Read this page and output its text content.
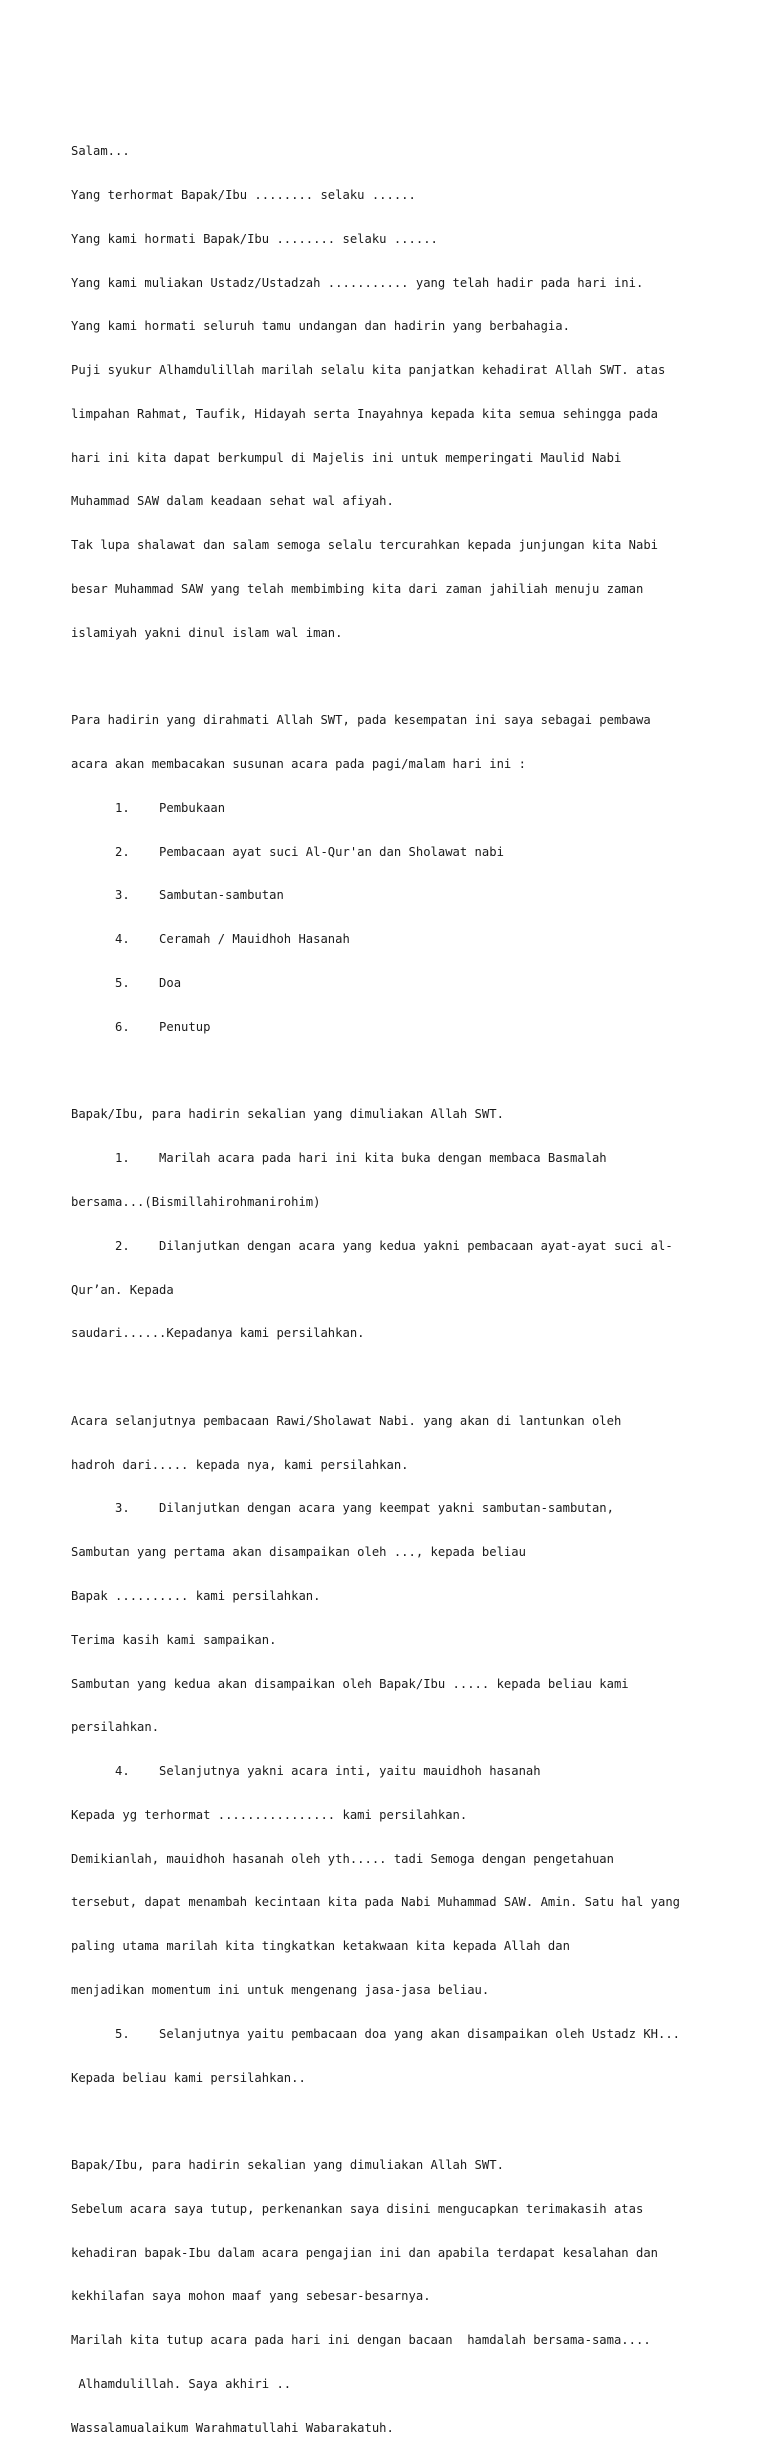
Salam...

Yang terhormat Bapak/Ibu ........ selaku ......

Yang kami hormati Bapak/Ibu ........ selaku ......

Yang kami muliakan Ustadz/Ustadzah ........... yang telah hadir pada hari ini.

Yang kami hormati seluruh tamu undangan dan hadirin yang berbahagia.

Puji syukur Alhamdulillah marilah selalu kita panjatkan kehadirat Allah SWT. atas

limpahan Rahmat, Taufik, Hidayah serta Inayahnya kepada kita semua sehingga pada

hari ini kita dapat berkumpul di Majelis ini untuk memperingati Maulid Nabi

Muhammad SAW dalam keadaan sehat wal afiyah.

Tak lupa shalawat dan salam semoga selalu tercurahkan kepada junjungan kita Nabi

besar Muhammad SAW yang telah membimbing kita dari zaman jahiliah menuju zaman

islamiyah yakni dinul islam wal iman.

Para hadirin yang dirahmati Allah SWT, pada kesempatan ini saya sebagai pembawa

acara akan membacakan susunan acara pada pagi/malam hari ini :

1.    Pembukaan

2.    Pembacaan ayat suci Al-Qur'an dan Sholawat nabi

3.    Sambutan-sambutan

4.    Ceramah / Mauidhoh Hasanah

5.    Doa

6.    Penutup

Bapak/Ibu, para hadirin sekalian yang dimuliakan Allah SWT.

1.    Marilah acara pada hari ini kita buka dengan membaca Basmalah

bersama...(Bismillahirohmanirohim)

2.    Dilanjutkan dengan acara yang kedua yakni pembacaan ayat-ayat suci al-

Qur’an. Kepada

saudari......Kepadanya kami persilahkan.

Acara selanjutnya pembacaan Rawi/Sholawat Nabi. yang akan di lantunkan oleh

hadroh dari..... kepada nya, kami persilahkan.

3.    Dilanjutkan dengan acara yang keempat yakni sambutan-sambutan,

Sambutan yang pertama akan disampaikan oleh ..., kepada beliau

Bapak .......... kami persilahkan.

Terima kasih kami sampaikan.

Sambutan yang kedua akan disampaikan oleh Bapak/Ibu ..... kepada beliau kami

persilahkan.

4.    Selanjutnya yakni acara inti, yaitu mauidhoh hasanah

Kepada yg terhormat ................ kami persilahkan.

Demikianlah, mauidhoh hasanah oleh yth..... tadi Semoga dengan pengetahuan

tersebut, dapat menambah kecintaan kita pada Nabi Muhammad SAW. Amin. Satu hal yang

paling utama marilah kita tingkatkan ketakwaan kita kepada Allah dan

menjadikan momentum ini untuk mengenang jasa-jasa beliau.

5.    Selanjutnya yaitu pembacaan doa yang akan disampaikan oleh Ustadz KH...

Kepada beliau kami persilahkan..

Bapak/Ibu, para hadirin sekalian yang dimuliakan Allah SWT.

Sebelum acara saya tutup, perkenankan saya disini mengucapkan terimakasih atas

kehadiran bapak-Ibu dalam acara pengajian ini dan apabila terdapat kesalahan dan

kekhilafan saya mohon maaf yang sebesar-besarnya.

Marilah kita tutup acara pada hari ini dengan bacaan  hamdalah bersama-sama....

Alhamdulillah. Saya akhiri ..

Wassalamualaikum Warahmatullahi Wabarakatuh.
